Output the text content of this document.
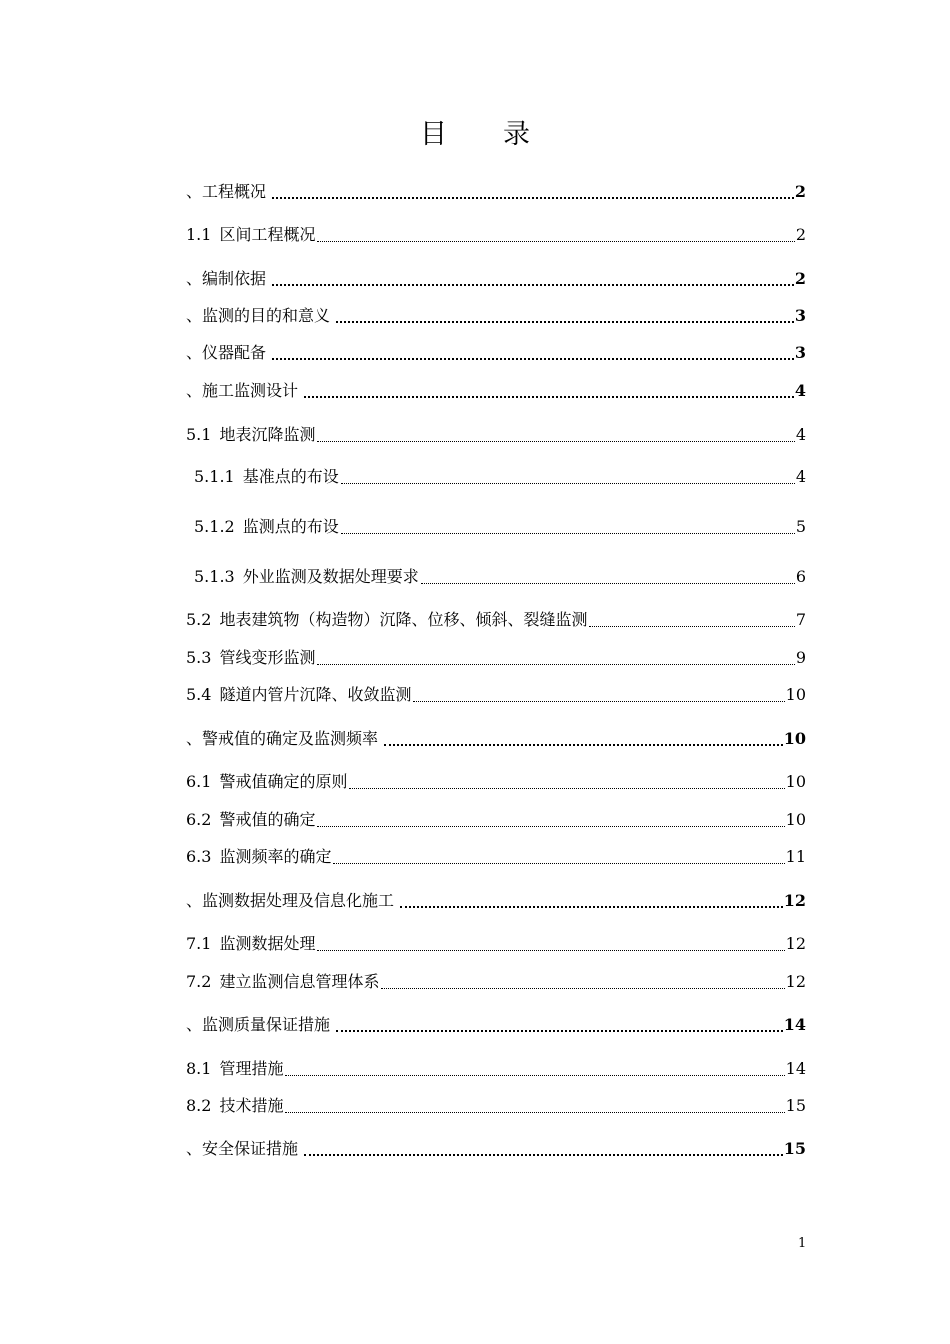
目 录
、工程概况	2
1.1 区间工程概况	2
、编制依据	2
、监测的目的和意义	3
、仪器配备	3
、施工监测设计	4
5.1 地表沉降监测	4
5.1.1 基准点的布设	4
5.1.2 监测点的布设	5
5.1.3 外业监测及数据处理要求	6
5.2 地表建筑物（构造物）沉降、位移、倾斜、裂缝监测	7
5.3 管线变形监测	9
5.4 隧道内管片沉降、收敛监测	10
、警戒值的确定及监测频率	10
6.1 警戒值确定的原则	10
6.2 警戒值的确定	10
6.3 监测频率的确定	11
、监测数据处理及信息化施工	12
7.1 监测数据处理	12
7.2 建立监测信息管理体系	12
、监测质量保证措施	14
8.1 管理措施	14
8.2 技术措施	15
、安全保证措施	15
1
